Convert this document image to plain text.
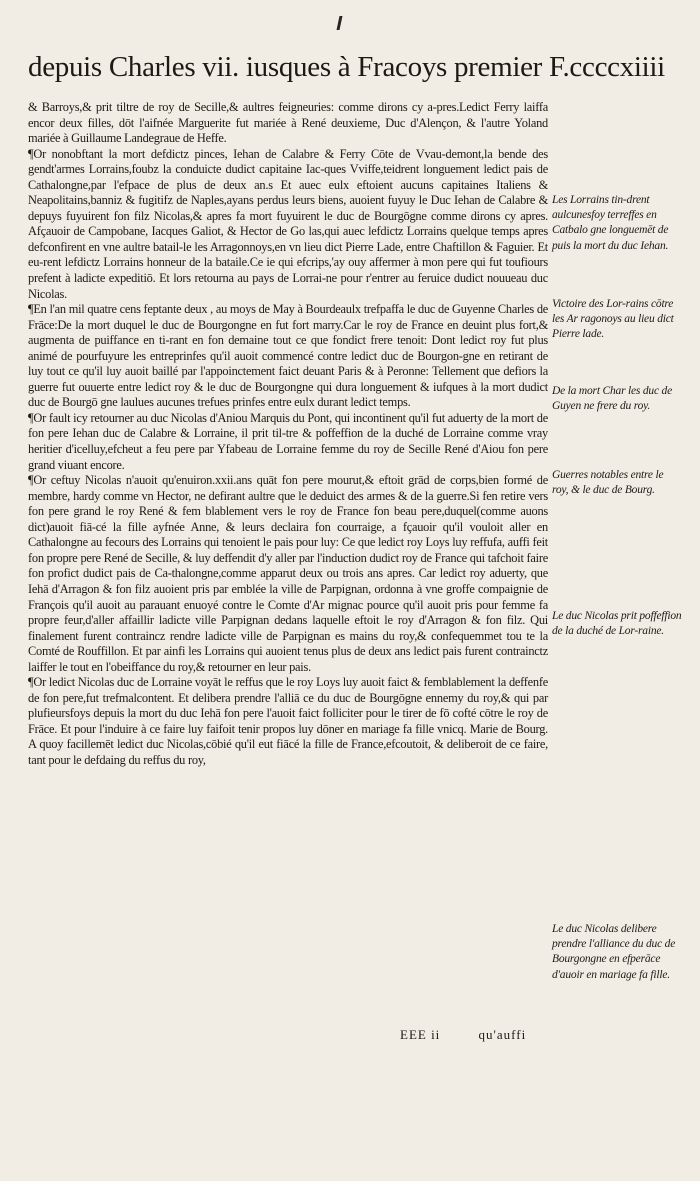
depuis Charles vii. iusques à Fracoys premier F.ccccxiiii

& Barroys,& prit tiltre de roy de Secille,& aultres feigneuries: comme dirons cy a-pres.Ledict Ferry laiffa encor deux filles, dōt l'aifnée Marguerite fut mariée à René deuxieme, Duc d'Alençon, & l'autre Yoland mariée à Guillaume Landegraue de Heffe.

¶Or nonobftant la mort defdictz pinces, Iehan de Calabre & Ferry Cōte de Vvau-demont,la bende des gendt'armes Lorrains,foubz la conduicte dudict capitaine Iac-ques Vviffe,teidrent longuement ledict pais de Cathalongne,par l'efpace de plus de deux an.s Et auec eulx eftoient aucuns capitaines Italiens & Neapolitains,banniz & fugitifz de Naples,ayans perdus leurs biens, auoient fuyuy le Duc Iehan de Calabre & depuys fuyuirent fon filz Nicolas,& apres fa mort fuyuirent le duc de Bourgōgne comme dirons cy apres. Afçauoir de Campobane, Iacques Galiot, & Hector de Go las,qui auec lefdictz Lorrains quelque temps apres defconfirent en vne aultre batail-le les Arragonnoys,en vn lieu dict Pierre Lade, entre Chaftillon & Faguier. Et eu-rent lefdictz Lorrains honneur de la bataile.Ce ie qui efcrips,'ay ouy affermer à mon pere qui fut toufiours prefent à ladicte expeditiō. Et lors retourna au pays de Lorrai-ne pour r'entrer au feruice dudict nouueau duc Nicolas.

¶En l'an mil quatre cens feptante deux , au moys de May à Bourdeaulx trefpaffa le duc de Guyenne Charles de Frāce:De la mort duquel le duc de Bourgongne en fut fort marry.Car le roy de France en deuint plus fort,& augmenta de puiffance en ti-rant en fon demaine tout ce que fondict frere tenoit: Dont ledict roy fut plus animé de pourfuyure les entreprinfes qu'il auoit commencé contre ledict duc de Bourgon-gne en retirant de luy tout ce qu'il luy auoit baillé par l'appoinctement faict deuant Paris & à Peronne: Tellement que defiors la guerre fut ouuerte entre ledict roy & le duc de Bourgongne qui dura longuement & iufques à la mort dudict duc de Bourgō gne laulues aucunes trefues prinfes entre eulx durant ledict temps.

¶Or fault icy retourner au duc Nicolas d'Aniou Marquis du Pont, qui incontinent qu'il fut aduerty de la mort de fon pere Iehan duc de Calabre & Lorraine, il prit til-tre & poffeffion de la duché de Lorraine comme vray heritier d'icelluy,efcheut a feu pere par Yfabeau de Lorraine femme du roy de Secille René d'Aiou fon pere grand viuant encore.

¶Or ceftuy Nicolas n'auoit qu'enuiron.xxii.ans quāt fon pere mourut,& eftoit grād de corps,bien formé de membre, hardy comme vn Hector, ne defirant aultre que le deduict des armes & de la guerre.Si fen retire vers fon pere grand le roy René & fem blablement vers le roy de France fon beau pere,duquel(comme auons dict)auoit fiā-cé la fille ayfnée Anne, & leurs declaira fon courraige, a fçauoir qu'il vouloit aller en Cathalongne au fecours des Lorrains qui tenoient le pais pour luy: Ce que ledict roy Loys luy reffufa, auffi feit fon propre pere René de Secille, & luy deffendit d'y aller par l'induction dudict roy de France qui tafchoit faire fon profict dudict pais de Ca-thalongne,comme apparut deux ou trois ans apres. Car ledict roy aduerty, que Iehā d'Arragon & fon filz auoient pris par emblée la ville de Parpignan, ordonna à vne groffe compaignie de François qu'il auoit au parauant enuoyé contre le Comte d'Ar mignac pource qu'il auoit pris pour femme fa propre feur,d'aller affaillir ladicte ville Parpignan dedans laquelle eftoit le roy d'Arragon & fon filz. Qui finalement furent contraincz rendre ladicte ville de Parpignan es mains du roy,& confequemmet tou te la Comté de Rouffillon. Et par ainfi les Lorrains qui auoient tenus plus de deux ans ledict pais furent contrainctz laiffer le tout en l'obeiffance du roy,& retourner en leur pais.

¶Or ledict Nicolas duc de Lorraine voyāt le reffus que le roy Loys luy auoit faict & femblablement la deffenfe de fon pere,fut trefmalcontent. Et delibera prendre l'alliā ce du duc de Bourgōgne ennemy du roy,& qui par plufieursfoys depuis la mort du duc Iehā fon pere l'auoit faict folliciter pour le tirer de fō cofté cōtre le roy de Frāce. Et pour l'induire à ce faire luy faifoit tenir propos luy dōner en mariage fa fille vnicq. Marie de Bourg. A quoy facillemēt ledict duc Nicolas,cōbié qu'il eut fiācé la fille de France,efcoutoit, & deliberoit de ce faire, tant pour le defdaing du reffus du roy,

Les Lorrains tin-drent aulcunesfoy terreffes en Catbalo gne longuemēt de puis la mort du duc Iehan.
Victoire des Lor-rains cōtre les Ar ragonoys au lieu dict Pierre lade.
De la mort Char les duc de Guyen ne frere du roy.
Guerres notables entre le roy, & le duc de Bourg.
Le duc Nicolas prit poffeffion de la duché de Lor-raine.
Le duc Nicolas delibere prendre l'alliance du duc de Bourgongne en efperāce d'auoir en mariage fa fille.
EEE ii	qu'auffi
